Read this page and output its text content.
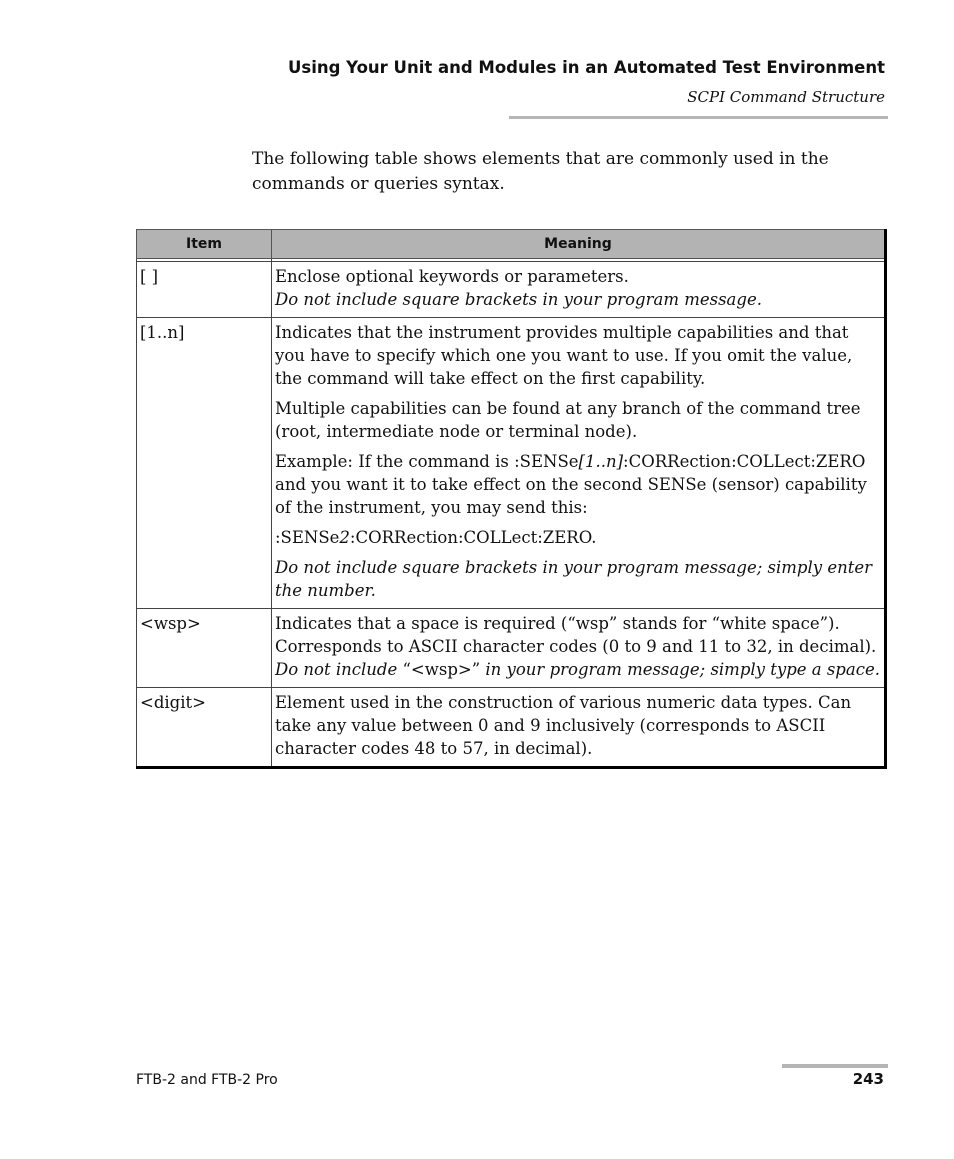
Using Your Unit and Modules in an Automated Test Environment
SCPI Command Structure

The following table shows elements that are commonly used in the commands or queries syntax.

Item	Meaning

[ ]	Enclose optional keywords or parameters.
Do not include square brackets in your program message.

[1..n]	Indicates that the instrument provides multiple capabilities and that you have to specify which one you want to use. If you omit the value, the command will take effect on the first capability.
Multiple capabilities can be found at any branch of the command tree (root, intermediate node or terminal node).
Example: If the command is :SENSe[1..n]:CORRection:COLLect:ZERO and you want it to take effect on the second SENSe (sensor) capability of the instrument, you may send this:
:SENSe2:CORRection:COLLect:ZERO.
Do not include square brackets in your program message; simply enter the number.

<wsp>	Indicates that a space is required (“wsp” stands for “white space”).
Corresponds to ASCII character codes (0 to 9 and 11 to 32, in decimal).
Do not include “<wsp>” in your program message; simply type a space.

<digit>	Element used in the construction of various numeric data types. Can take any value between 0 and 9 inclusively (corresponds to ASCII character codes 48 to 57, in decimal).
FTB-2 and FTB-2 Pro	243
